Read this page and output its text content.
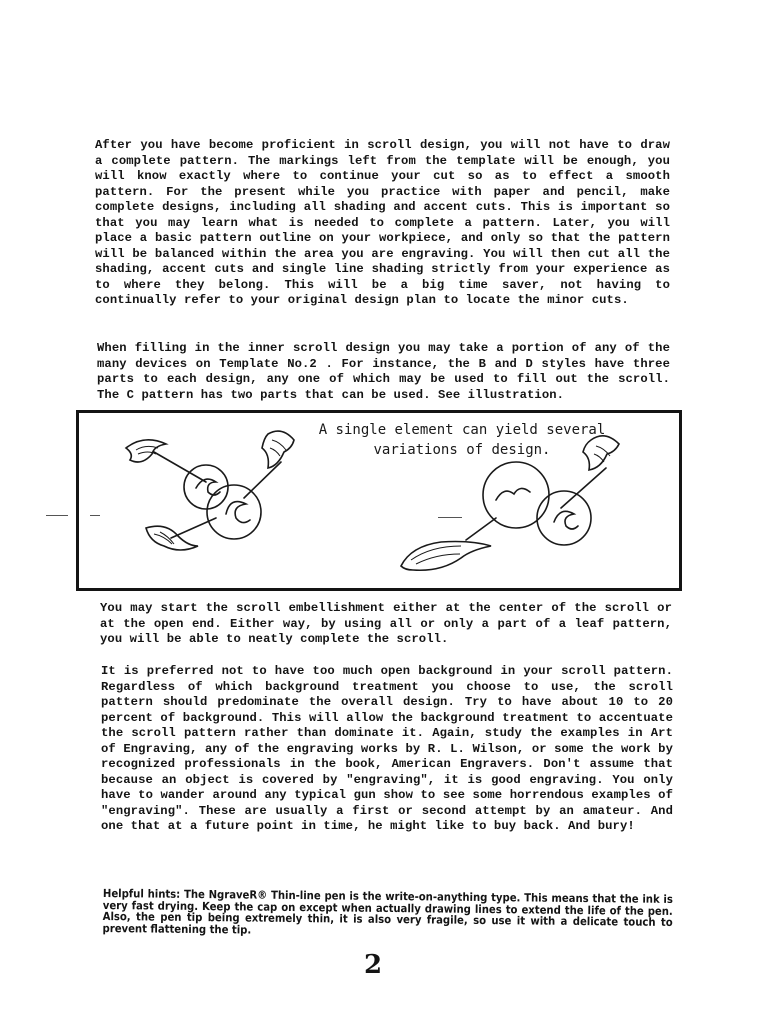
After you have become proficient in scroll design, you will not have to draw a complete pattern. The markings left from the template will be enough, you will know exactly where to continue your cut so as to effect a smooth pattern. For the present while you practice with paper and pencil, make complete designs, including all shading and accent cuts. This is important so that you may learn what is needed to complete a pattern. Later, you will place a basic pattern outline on your workpiece, and only so that the pattern will be balanced within the area you are engraving. You will then cut all the shading, accent cuts and single line shading strictly from your experience as to where they belong. This will be a big time saver, not having to continually refer to your original design plan to locate the minor cuts.
When filling in the inner scroll design you may take a portion of any of the many devices on Template No.2 . For instance, the B and D styles have three parts to each design, any one of which may be used to fill out the scroll. The C pattern has two parts that can be used. See illustration.
A single element can yield several variations of design.
You may start the scroll embellishment either at the center of the scroll or at the open end. Either way, by using all or only a part of a leaf pattern, you will be able to neatly complete the scroll.
It is preferred not to have too much open background in your scroll pattern. Regardless of which background treatment you choose to use, the scroll pattern should predominate the overall design. Try to have about 10 to 20 percent of background. This will allow the background treatment to accentuate the scroll pattern rather than dominate it. Again, study the examples in Art of Engraving, any of the engraving works by R. L. Wilson, or some the work by recognized professionals in the book, American Engravers. Don't assume that because an object is covered by "engraving", it is good engraving. You only have to wander around any typical gun show to see some horrendous examples of "engraving". These are usually a first or second attempt by an amateur. And one that at a future point in time, he might like to buy back. And bury!
Helpful hints: The NgraveR® Thin-line pen is the write-on-anything type. This means that the ink is very fast drying. Keep the cap on except when actually drawing lines to extend the life of the pen. Also, the pen tip being extremely thin, it is also very fragile, so use it with a delicate touch to prevent flattening the tip.
2
